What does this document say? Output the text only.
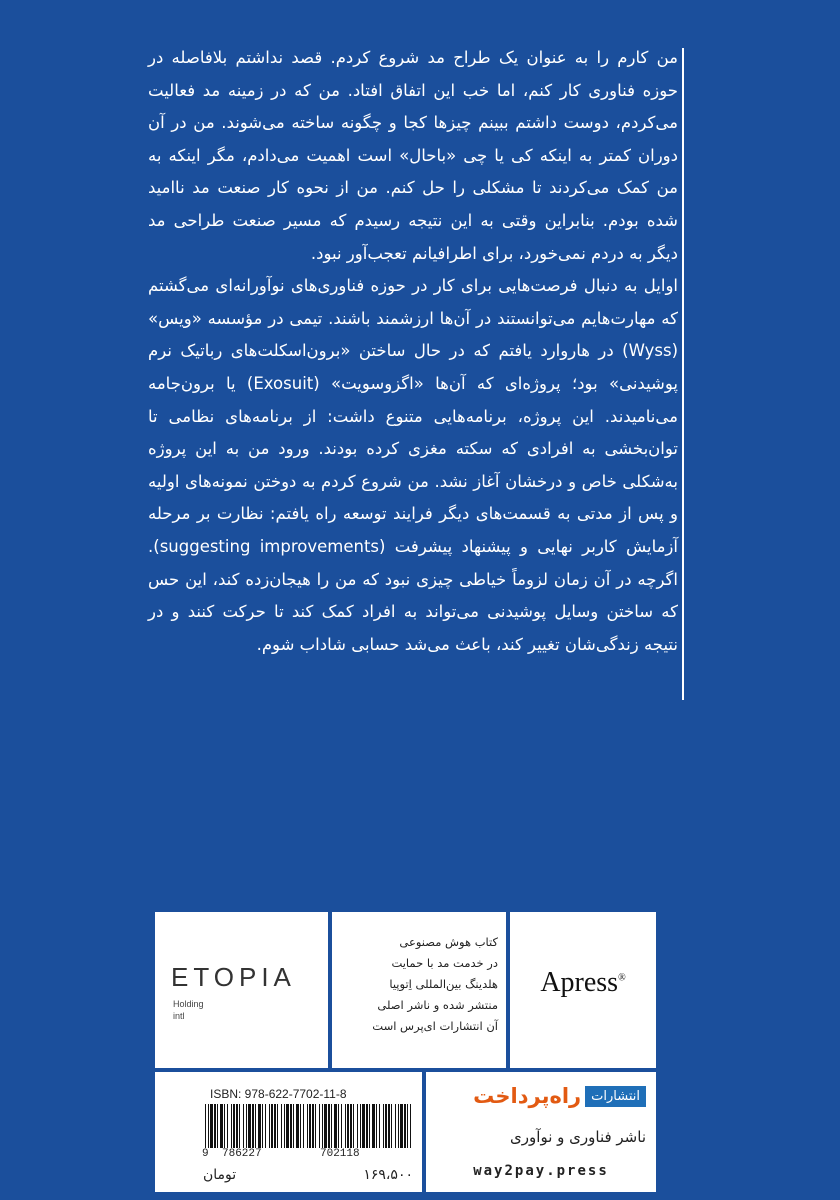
من کارم را به عنوان یک طراح مد شروع کردم. قصد نداشتم بلافاصله در حوزه فناوری کار کنم، اما خب این اتفاق افتاد. من که در زمینه مد فعالیت می‌کردم، دوست داشتم ببینم چیزها کجا و چگونه ساخته می‌شوند. من در آن دوران کمتر به اینکه کی یا چی «باحال» است اهمیت می‌دادم، مگر اینکه به من کمک می‌کردند تا مشکلی را حل کنم. من از نحوه کار صنعت مد ناامید شده بودم. بنابراین وقتی به این نتیجه رسیدم که مسیر صنعت طراحی مد دیگر به دردم نمی‌خورد، برای اطرافیانم تعجب‌آور نبود.

اوایل به دنبال فرصت‌هایی برای کار در حوزه فناوری‌های نوآورانه‌ای می‌گشتم که مهارت‌هایم می‌توانستند در آن‌ها ارزشمند باشند. تیمی در مؤسسه «ویس» (Wyss) در هاروارد یافتم که در حال ساختن «برون‌اسکلت‌های رباتیک نرم پوشیدنی» بود؛ پروژه‌ای که آن‌ها «اگزوسویت» (Exosuit) یا برون‌جامه می‌نامیدند. این پروژه، برنامه‌هایی متنوع داشت: از برنامه‌های نظامی تا توان‌بخشی به افرادی که سکته مغزی کرده بودند. ورود من به این پروژه به‌شکلی خاص و درخشان آغاز نشد. من شروع کردم به دوختن نمونه‌های اولیه و پس از مدتی به قسمت‌های دیگر فرایند توسعه راه یافتم: نظارت بر مرحله آزمایش کاربر نهایی و پیشنهاد پیشرفت (suggesting improvements). اگرچه در آن زمان لزوماً خیاطی چیزی نبود که من را هیجان‌زده کند، این حس که ساختن وسایل پوشیدنی می‌تواند به افراد کمک کند تا حرکت کنند و در نتیجه زندگی‌شان تغییر کند، باعث می‌شد حسابی شاداب شوم.

Apress®
کتاب هوش مصنوعی
در خدمت مد با حمایت
هلدینگ بین‌المللی اِتوپیا
منتشر شده و ناشر اصلی
آن انتشارات ای‌پرس است
ETOPIA
Holding
intl
انتشارات
راه‌پرداخت
ناشر فناوری و نوآوری
way2pay.press
ISBN: 978-622-7702-11-8
9 786227	702118
۱۶۹،۵۰۰
تومان
